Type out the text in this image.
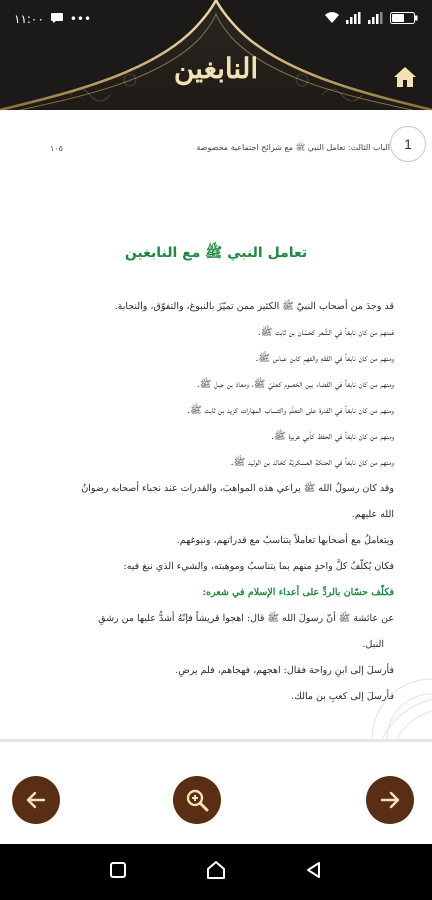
١١:٠٠ •••
النابغين
1
١٠٥	الباب الثالث: تعامل النبي ﷺ مع شرائح اجتماعية مخصوصة
تعامل النبي ﷺ مع النابغين
قد وجدَ من أصحاب النبيّ ﷺ الكثير ممن تميّزَ بالنبوغ، والتفوّق، والنجابة.
فمنهم من كان نابغاً في الشِّعر كحسّان بن ثابت ﷺ.
ومنهم من كان نابغاً في الفقهِ والفهمِ كابنِ عباس ﷺ.
ومنهم من كان نابغاً في القضاء بين الخصوم كعليّ ﷺ، ومعاذ بن جبل ﷺ.
ومنهم من كان نابغاً في القدرة على التعلّم واكتساب المهارات كزيد بن ثابت ﷺ.
ومنهم من كان نابغاً في الحفظ كأبي هريرة ﷺ.
ومنهم من كان نابغاً في الحنكةِ العسكريّة كخالد بن الوليد ﷺ.
وقد كان رسولُ الله ﷺ يراعي هذه المواهبَ، والقدرات عند نجباء أصحابه رضوانُ
الله عليهم.
ويتعاملُ مع أصحابها تعاملاً يتناسبُ مع قدراتهم، ونبوغهم.
فكان يُكلّفُ كلَّ واحدٍ منهم بما يتناسبُ وموهبته، والشيء الذي نبغ فيه:
فكلّف حسّان بالردِّ على أعداء الإسلام في شعره:
عن عائشة ﷺ أنّ رسولَ الله ﷺ قال: اهجوا قريشاً فإنّهُ أشدُّ عليها من رشقِ
النبل.
فأرسلَ إلى ابنِ رواحة فقال: اهجهم، فهجاهم، فلم يرضِ.
فأرسلَ إلى كعبِ بن مالك.
